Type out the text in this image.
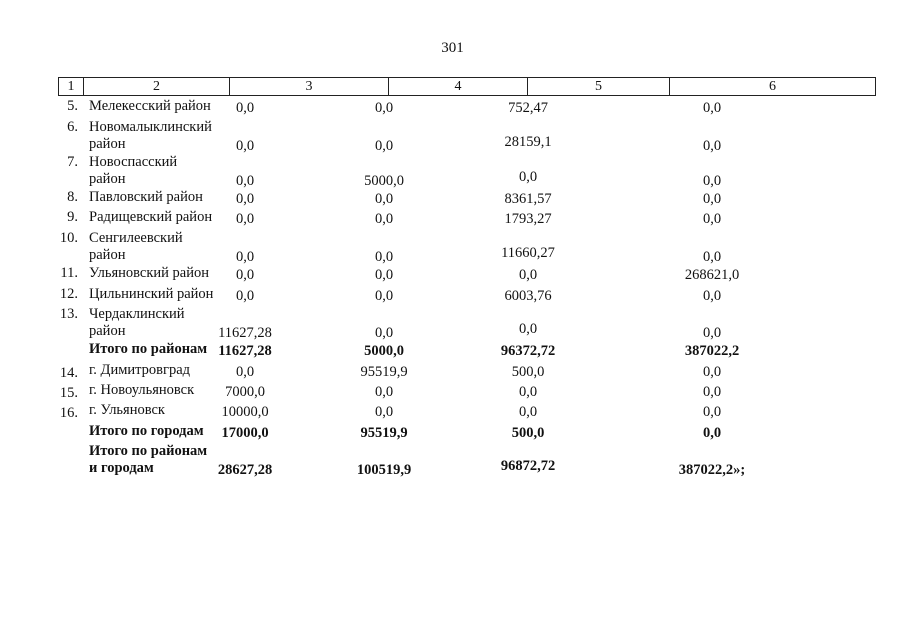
301
1	2	3	4	5	6
5. Мелекесский район	0,0	0,0	752,47	0,0
6. Новомалыклинский
район	0,0	0,0	28159,1	0,0
7. Новоспасский
район	0,0	5000,0	0,0	0,0
8. Павловский район	0,0	0,0	8361,57	0,0
9. Радищевский район	0,0	0,0	1793,27	0,0
10. Сенгилеевский
район	0,0	0,0	11660,27	0,0
11. Ульяновский район	0,0	0,0	0,0	268621,0
12. Цильнинский район	0,0	0,0	6003,76	0,0
13. Чердаклинский
район	11627,28	0,0	0,0	0,0
Итого по районам 11627,28	5000,0	96372,72	387022,2
14. г. Димитровград	0,0	95519,9	500,0	0,0
15. г. Новоульяновск	7000,0	0,0	0,0	0,0
16. г. Ульяновск	10000,0	0,0	0,0	0,0
Итого по городам	17000,0	95519,9	500,0	0,0
Итого по районам
и городам	28627,28	100519,9	96872,72	387022,2»;
